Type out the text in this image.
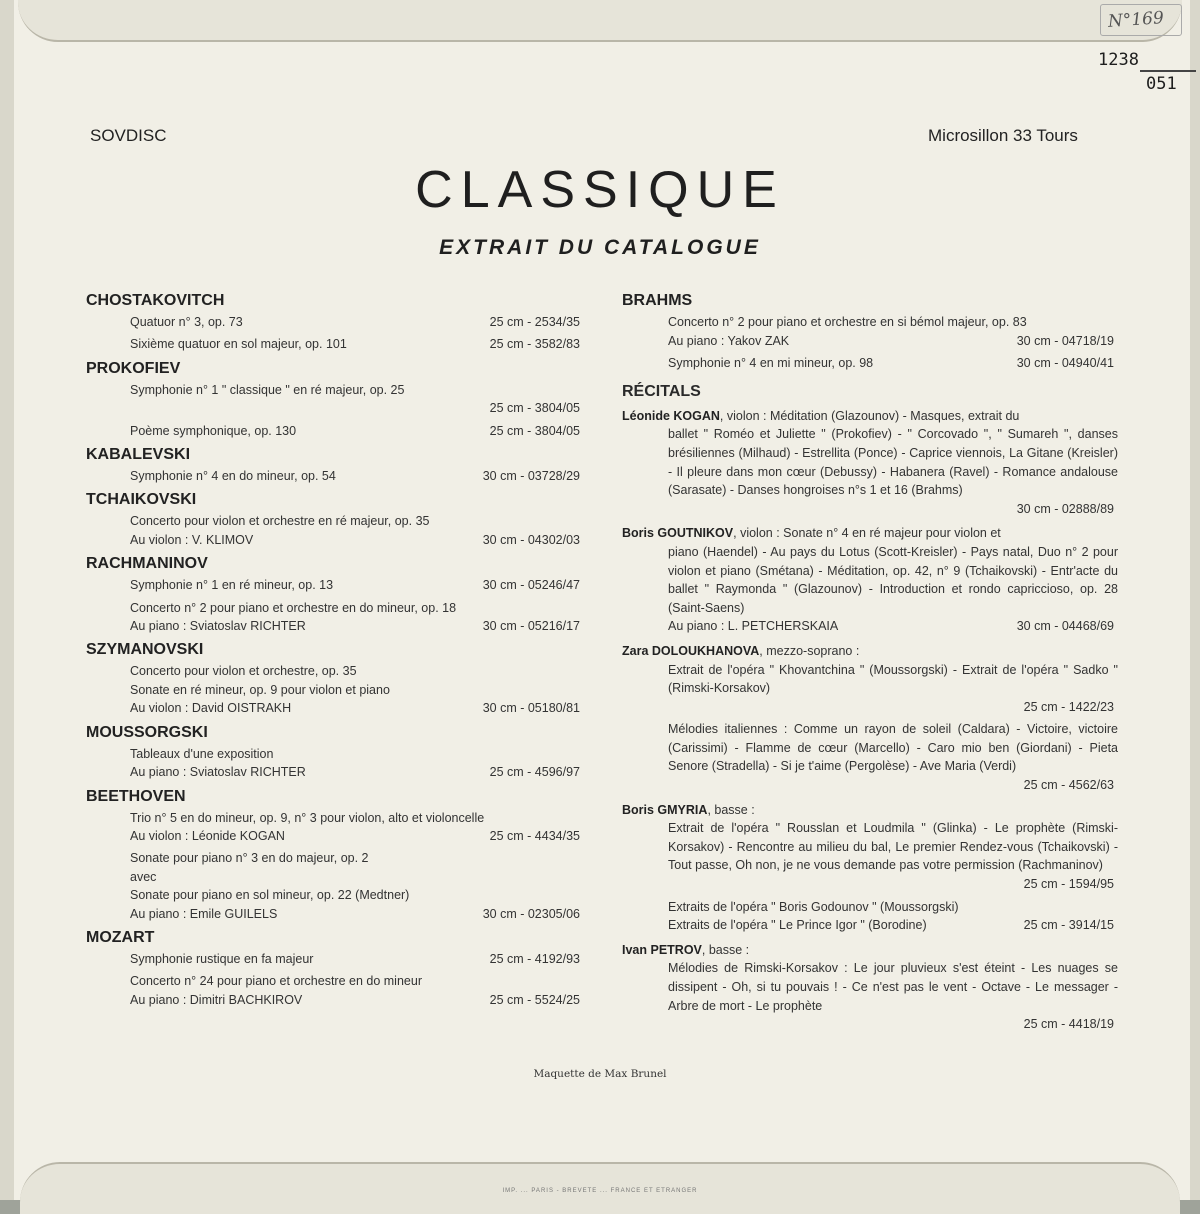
N°169
1238
051
SOVDISC	Microsillon 33 Tours
CLASSIQUE
EXTRAIT DU CATALOGUE
CHOSTAKOVITCH
Quatuor n° 3, op. 73	25 cm - 2534/35
Sixième quatuor en sol majeur, op. 101	25 cm - 3582/83
PROKOFIEV
Symphonie n° 1 " classique " en ré majeur, op. 25
25 cm - 3804/05
Poème symphonique, op. 130	25 cm - 3804/05
KABALEVSKI
Symphonie n° 4 en do mineur, op. 54	30 cm - 03728/29
TCHAIKOVSKI
Concerto pour violon et orchestre en ré majeur, op. 35
Au violon : V. KLIMOV	30 cm - 04302/03
RACHMANINOV
Symphonie n° 1 en ré mineur, op. 13	30 cm - 05246/47
Concerto n° 2 pour piano et orchestre en do mineur, op. 18
Au piano : Sviatoslav RICHTER	30 cm - 05216/17
SZYMANOVSKI
Concerto pour violon et orchestre, op. 35
Sonate en ré mineur, op. 9 pour violon et piano
Au violon : David OISTRAKH	30 cm - 05180/81
MOUSSORGSKI
Tableaux d'une exposition
Au piano : Sviatoslav RICHTER	25 cm - 4596/97
BEETHOVEN
Trio n° 5 en do mineur, op. 9, n° 3 pour violon, alto et violoncelle
Au violon : Léonide KOGAN	25 cm - 4434/35
Sonate pour piano n° 3 en do majeur, op. 2
avec
Sonate pour piano en sol mineur, op. 22 (Medtner)
Au piano : Emile GUILELS	30 cm - 02305/06
MOZART
Symphonie rustique en fa majeur	25 cm - 4192/93
Concerto n° 24 pour piano et orchestre en do mineur
Au piano : Dimitri BACHKIROV	25 cm - 5524/25
BRAHMS
Concerto n° 2 pour piano et orchestre en si bémol majeur, op. 83
Au piano : Yakov ZAK	30 cm - 04718/19
Symphonie n° 4 en mi mineur, op. 98	30 cm - 04940/41
RÉCITALS
Léonide KOGAN, violon : Méditation (Glazounov) - Masques, extrait du
ballet " Roméo et Juliette " (Prokofiev) - " Corcovado ", " Sumareh ", danses brésiliennes (Milhaud) - Estrellita (Ponce) - Caprice viennois, La Gitane (Kreisler) - Il pleure dans mon cœur (Debussy) - Habanera (Ravel) - Romance andalouse (Sarasate) - Danses hongroises n°s 1 et 16 (Brahms)
30 cm - 02888/89
Boris GOUTNIKOV, violon : Sonate n° 4 en ré majeur pour violon et
piano (Haendel) - Au pays du Lotus (Scott-Kreisler) - Pays natal, Duo n° 2 pour violon et piano (Smétana) - Méditation, op. 42, n° 9 (Tchaikovski) - Entr'acte du ballet " Raymonda " (Glazounov) - Introduction et rondo capriccioso, op. 28 (Saint-Saens)
Au piano : L. PETCHERSKAIA	30 cm - 04468/69
Zara DOLOUKHANOVA, mezzo-soprano :
Extrait de l'opéra " Khovantchina " (Moussorgski) - Extrait de l'opéra " Sadko " (Rimski-Korsakov)
25 cm - 1422/23
Mélodies italiennes : Comme un rayon de soleil (Caldara) - Victoire, victoire (Carissimi) - Flamme de cœur (Marcello) - Caro mio ben (Giordani) - Pieta Senore (Stradella) - Si je t'aime (Pergolèse) - Ave Maria (Verdi)
25 cm - 4562/63
Boris GMYRIA, basse :
Extrait de l'opéra " Rousslan et Loudmila " (Glinka) - Le prophète (Rimski-Korsakov) - Rencontre au milieu du bal, Le premier Rendez-vous (Tchaikovski) - Tout passe, Oh non, je ne vous demande pas votre permission (Rachmaninov)
25 cm - 1594/95
Extraits de l'opéra " Boris Godounov " (Moussorgski)
Extraits de l'opéra " Le Prince Igor " (Borodine)	25 cm - 3914/15
Ivan PETROV, basse :
Mélodies de Rimski-Korsakov : Le jour pluvieux s'est éteint - Les nuages se dissipent - Oh, si tu pouvais ! - Ce n'est pas le vent - Octave - Le messager - Arbre de mort - Le prophète
25 cm - 4418/19
Maquette de Max Brunel
IMP. ... PARIS - BREVETE ... FRANCE ET ETRANGER
